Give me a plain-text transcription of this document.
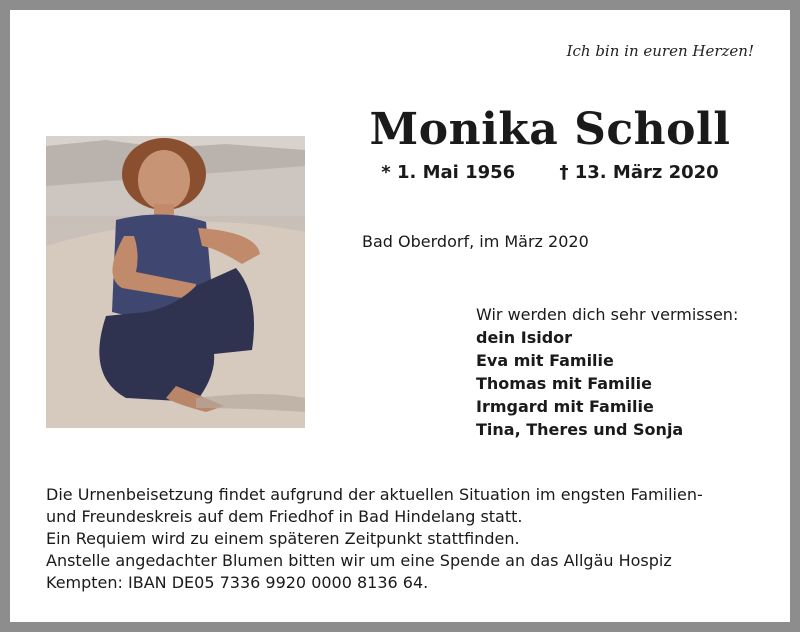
Ich bin in euren Herzen!
Monika Scholl
* 1. Mai 1956 † 13. März 2020
Bad Oberdorf, im März 2020
Wir werden dich sehr vermissen:
dein Isidor
Eva mit Familie
Thomas mit Familie
Irmgard mit Familie
Tina, Theres und Sonja
Die Urnenbeisetzung findet aufgrund der aktuellen Situation im engsten Familien-
und Freundeskreis auf dem Friedhof in Bad Hindelang statt.
Ein Requiem wird zu einem späteren Zeitpunkt stattfinden.
Anstelle angedachter Blumen bitten wir um eine Spende an das Allgäu Hospiz
Kempten: IBAN DE05 7336 9920 0000 8136 64.
